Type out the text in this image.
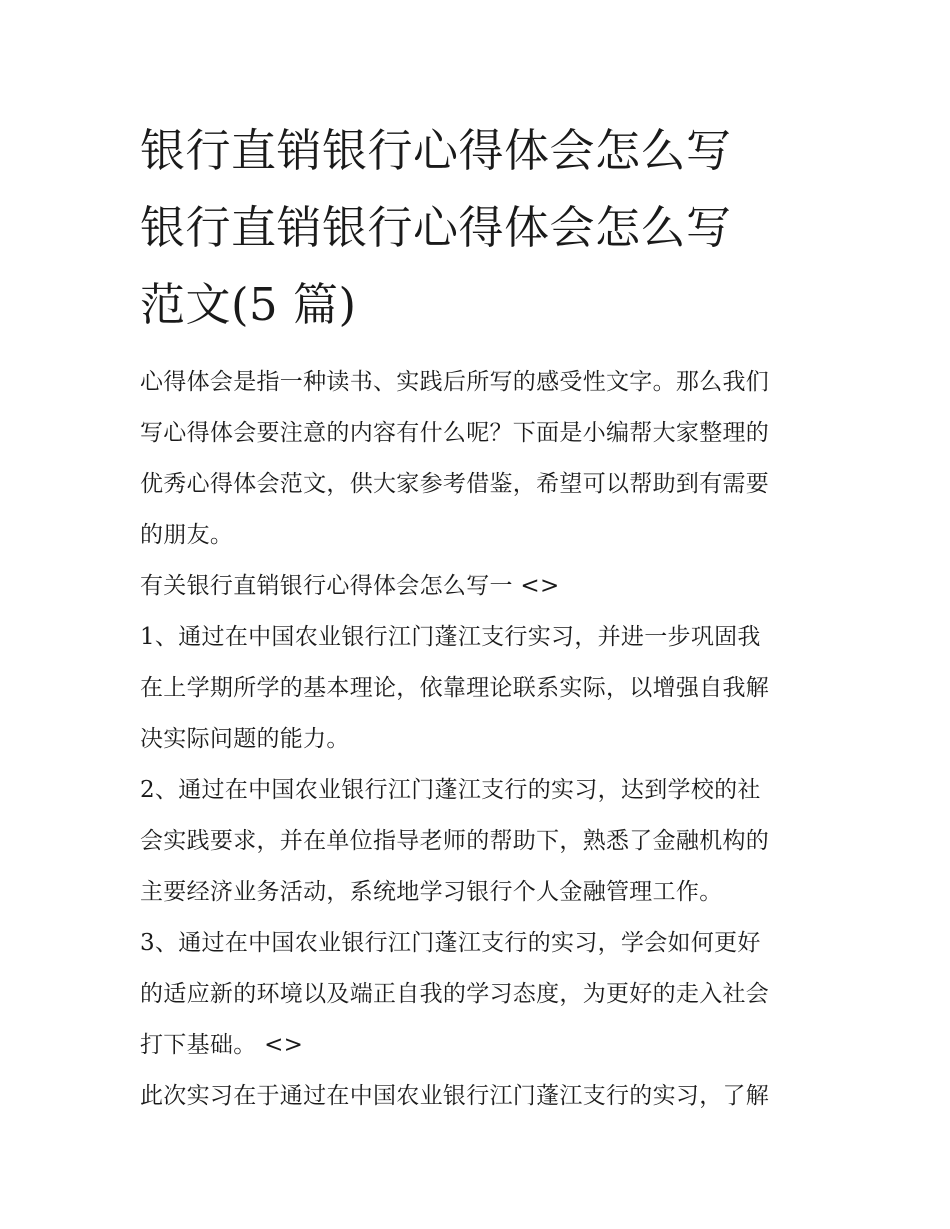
银行直销银行心得体会怎么写
银行直销银行心得体会怎么写
范文(5 篇)

心得体会是指一种读书、实践后所写的感受性文字。那么我们
写心得体会要注意的内容有什么呢？下面是小编帮大家整理的
优秀心得体会范文，供大家参考借鉴，希望可以帮助到有需要
的朋友。

有关银行直销银行心得体会怎么写一 <>

1、通过在中国农业银行江门蓬江支行实习，并进一步巩固我
在上学期所学的基本理论，依靠理论联系实际，以增强自我解
决实际问题的能力。

2、通过在中国农业银行江门蓬江支行的实习，达到学校的社
会实践要求，并在单位指导老师的帮助下，熟悉了金融机构的
主要经济业务活动，系统地学习银行个人金融管理工作。

3、通过在中国农业银行江门蓬江支行的实习，学会如何更好
的适应新的环境以及端正自我的学习态度，为更好的走入社会
打下基础。 <>

此次实习在于通过在中国农业银行江门蓬江支行的实习，了解
